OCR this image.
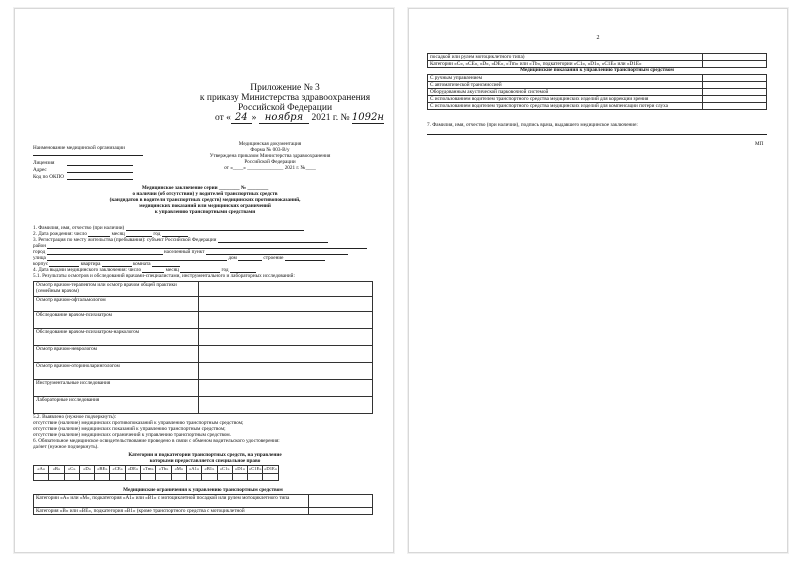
Приложение № 3
к приказу Министерства здравоохранения
Российской Федерации
от « 24 » ноября 2021 г. № 1092н
Наименование медицинской организации
Лицензия
Адрес
Код по ОКПО
Медицинская документация
Форма № 003-В/у
Утверждена приказом Министерства здравоохранения
Российской Федерации
от «____» ______________ 2021 г. №____
Медицинское заключение серии ________ № ________
о наличии (об отсутствии) у водителей транспортных средств
(кандидатов в водители транспортных средств) медицинских противопоказаний,
медицинских показаний или медицинских ограничений
к управлению транспортными средствами
1. Фамилия, имя, отчество (при наличии)
2. Дата рождения: число	месяц	год
3. Регистрация по месту жительства (пребывания): субъект Российской Федерации
район
город	населенный пункт
улица	дом	строение
корпус	квартира	комната
4. Дата выдачи медицинского заключения: число	месяц	год
5.1. Результаты осмотров и обследований врачами-специалистами, инструментального и лабораторных исследований:
Осмотр врачом-терапевтом или осмотр врачом общей практики (семейным врачом)	
Осмотр врачом-офтальмологом	
Обследование врачом-психиатром	
Обследование врачом-психиатром-наркологом	
Осмотр врачом-неврологом	
Осмотр врачом-оториноларингологом	
Инструментальные исследования	
Лабораторные исследования	
5.2. Выявлено (нужное подчеркнуть):
отсутствие (наличие) медицинских противопоказаний к управлению транспортным средством;
отсутствие (наличие) медицинских показаний к управлению транспортным средством;
отсутствие (наличие) медицинских ограничений к управлению транспортным средством.
6. Обязательное медицинское освидетельствование проведено в связи с обменом водительского удостоверения:
да/нет (нужное подчеркнуть).
Категории и подкатегории транспортных средств, на управление
которыми предоставляется специальное право
«А»	«В»	«С»	«D»	«BE»	«CE»	«DE»	«Tm»	«Tb»	«M»	«A1»	«B1»	«C1»	«D1»	«C1E»	«D1E»

Медицинские ограничения к управлению транспортным средством
Категории «А» или «М», подкатегория «А1» или «В1» с мотоциклетной посадкой или рулем мотоциклетного типа	
Категория «В» или «BE», подкатегория «В1» (кроме транспортного средства с мотоциклетной	
2
посадкой или рулем мотоциклетного типа)	
Категории «С», «СЕ», «D», «DE», «Tm» или «Tb», подкатегории «C1», «D1», «C1E» или «D1E»	
Медицинские показания к управлению транспортным средством
С ручным управлением	
С автоматической трансмиссией	
Оборудованным акустической парковочной системой	
С использованием водителем транспортного средства медицинских изделий для коррекции зрения	
С использованием водителем транспортного средства медицинских изделий для компенсации потери слуха	
7. Фамилия, имя, отчество (при наличии), подпись врача, выдавшего медицинское заключение:
МП
